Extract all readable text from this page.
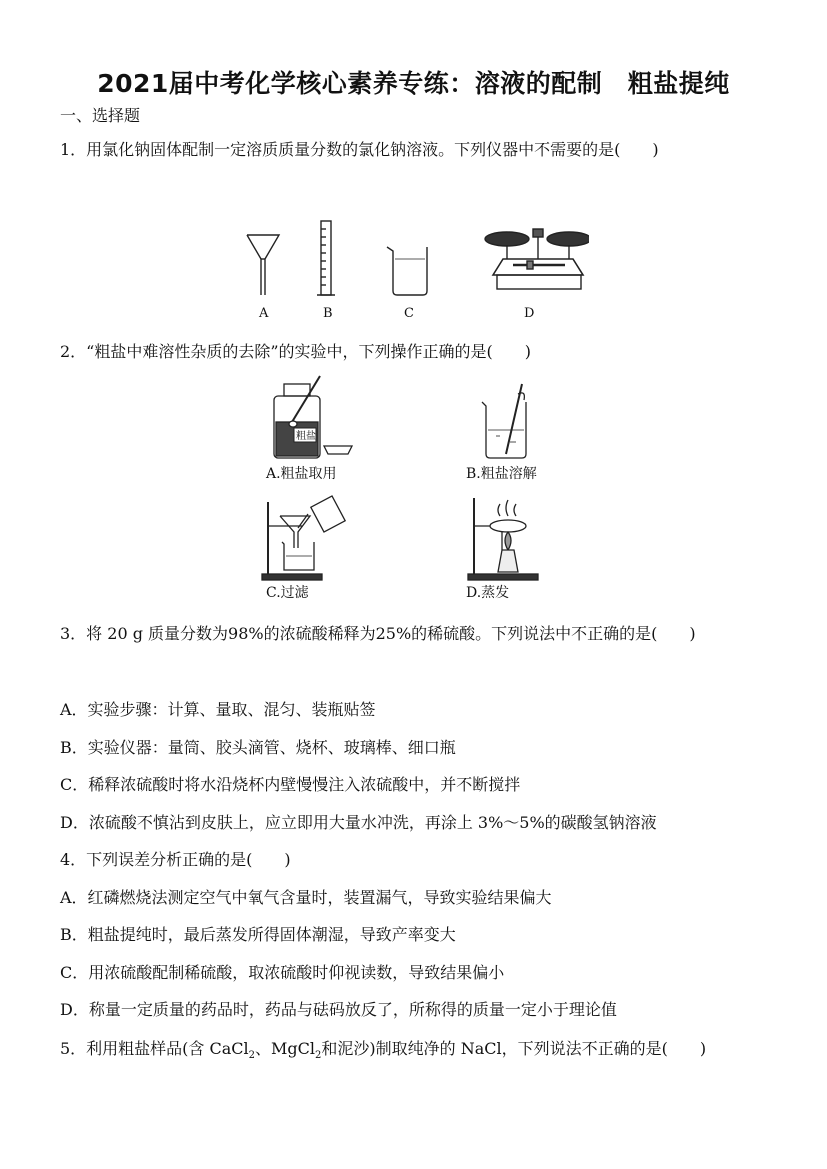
2021届中考化学核心素养专练：溶液的配制　粗盐提纯
一、选择题
1．用氯化钠固体配制一定溶质质量分数的氯化钠溶液。下列仪器中不需要的是(　　)
A	B	C	D
2．“粗盐中难溶性杂质的去除”的实验中，下列操作正确的是(　　)
粗盐
A.粗盐取用	B.粗盐溶解
C.过滤	D.蒸发
3．将 20 g 质量分数为98%的浓硫酸稀释为25%的稀硫酸。下列说法中不正确的是(　　)
A．实验步骤：计算、量取、混匀、装瓶贴签
B．实验仪器：量筒、胶头滴管、烧杯、玻璃棒、细口瓶
C．稀释浓硫酸时将水沿烧杯内壁慢慢注入浓硫酸中，并不断搅拌
D．浓硫酸不慎沾到皮肤上，应立即用大量水冲洗，再涂上 3%～5%的碳酸氢钠溶液
4．下列误差分析正确的是(　　)
A．红磷燃烧法测定空气中氧气含量时，装置漏气，导致实验结果偏大
B．粗盐提纯时，最后蒸发所得固体潮湿，导致产率变大
C．用浓硫酸配制稀硫酸，取浓硫酸时仰视读数，导致结果偏小
D．称量一定质量的药品时，药品与砝码放反了，所称得的质量一定小于理论值
5．利用粗盐样品(含 CaCl$_2$、MgCl$_2$和泥沙)制取纯净的 NaCl，下列说法不正确的是(　　)
